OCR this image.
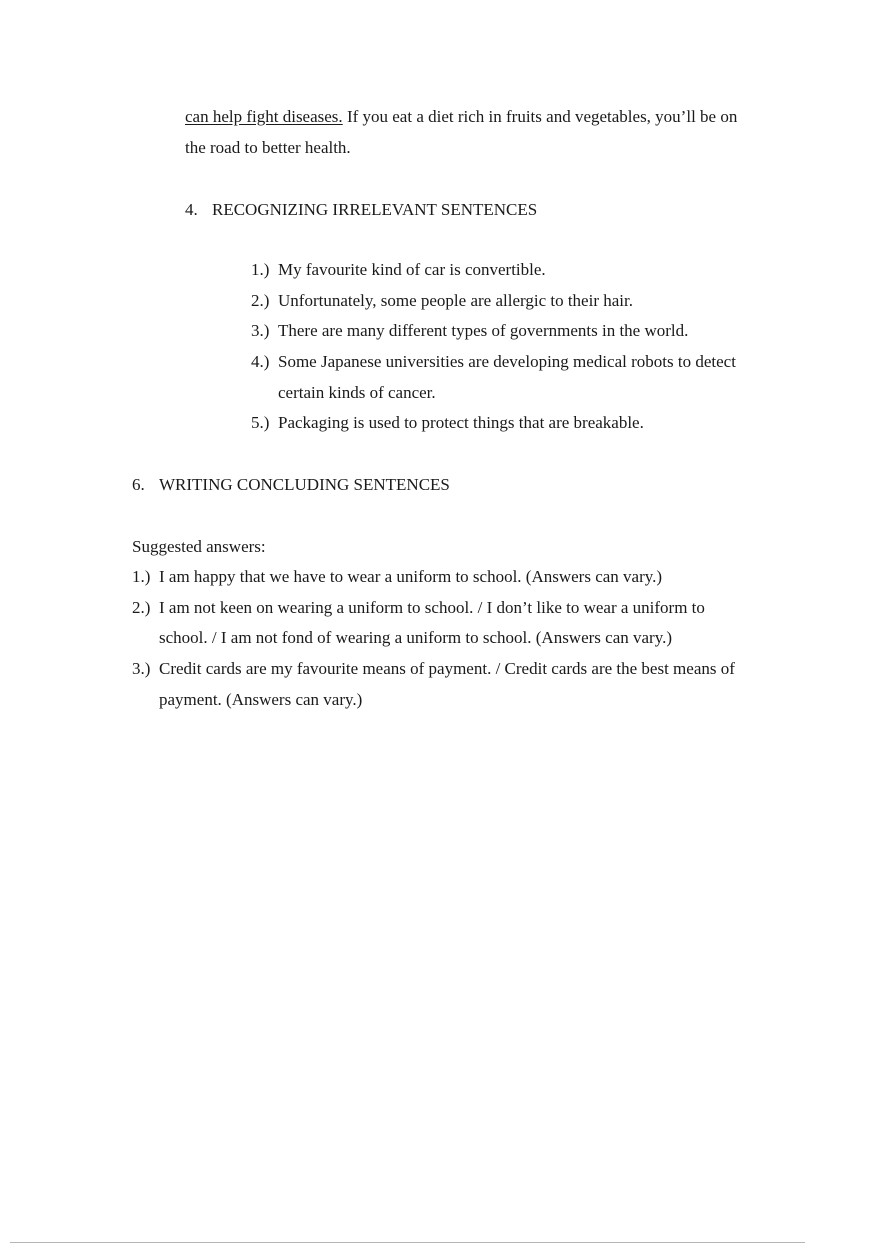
can help fight diseases. If you eat a diet rich in fruits and vegetables, you’ll be on
the road to better health.
4. RECOGNIZING IRRELEVANT SENTENCES
1.) My favourite kind of car is convertible.
2.) Unfortunately, some people are allergic to their hair.
3.) There are many different types of governments in the world.
4.) Some Japanese universities are developing medical robots to detect
certain kinds of cancer.
5.) Packaging is used to protect things that are breakable.
6. WRITING CONCLUDING SENTENCES
Suggested answers:
1.) I am happy that we have to wear a uniform to school. (Answers can vary.)
2.) I am not keen on wearing a uniform to school. / I don’t like to wear a uniform to
school. / I am not fond of wearing a uniform to school. (Answers can vary.)
3.) Credit cards are my favourite means of payment. / Credit cards are the best means of
payment. (Answers can vary.)
